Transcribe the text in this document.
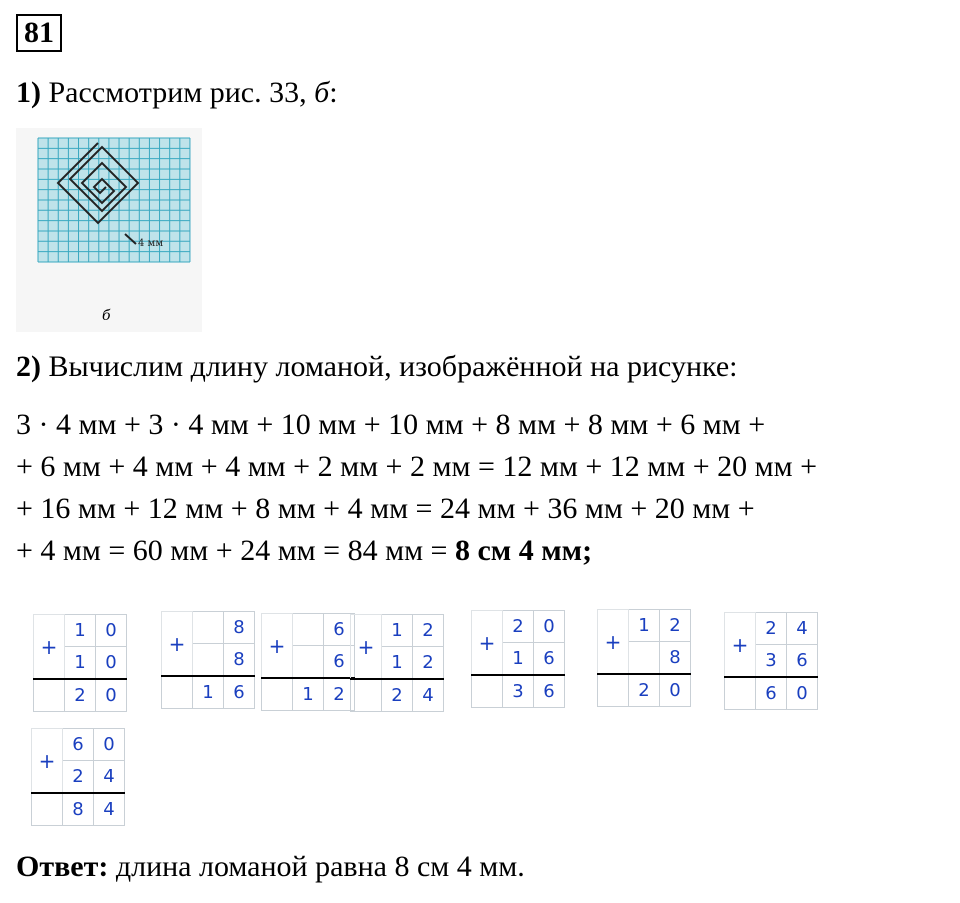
81
1) Рассмотрим рис. 33, б:
4 мм
б
2) Вычислим длину ломаной, изображённой на рисунке:
3 · 4 мм + 3 · 4 мм + 10 мм + 10 мм + 8 мм + 8 мм + 6 мм +
+ 6 мм + 4 мм + 4 мм + 2 мм + 2 мм = 12 мм + 12 мм + 20 мм +
+ 16 мм + 12 мм + 8 мм + 4 мм = 24 мм + 36 мм + 20 мм +
+ 4 мм = 60 мм + 24 мм = 84 мм = 8 см 4 мм;
+	1	0
	1	0
	2	0
+		8
		8
	1	6
+		6
		6
	1	2
+	1	2
	1	2
	2	4
+	2	0
	1	6
	3	6
+	1	2
		8
	2	0
+	2	4
	3	6
	6	0
+	6	0
	2	4
	8	4
Ответ: длина ломаной равна 8 см 4 мм.
